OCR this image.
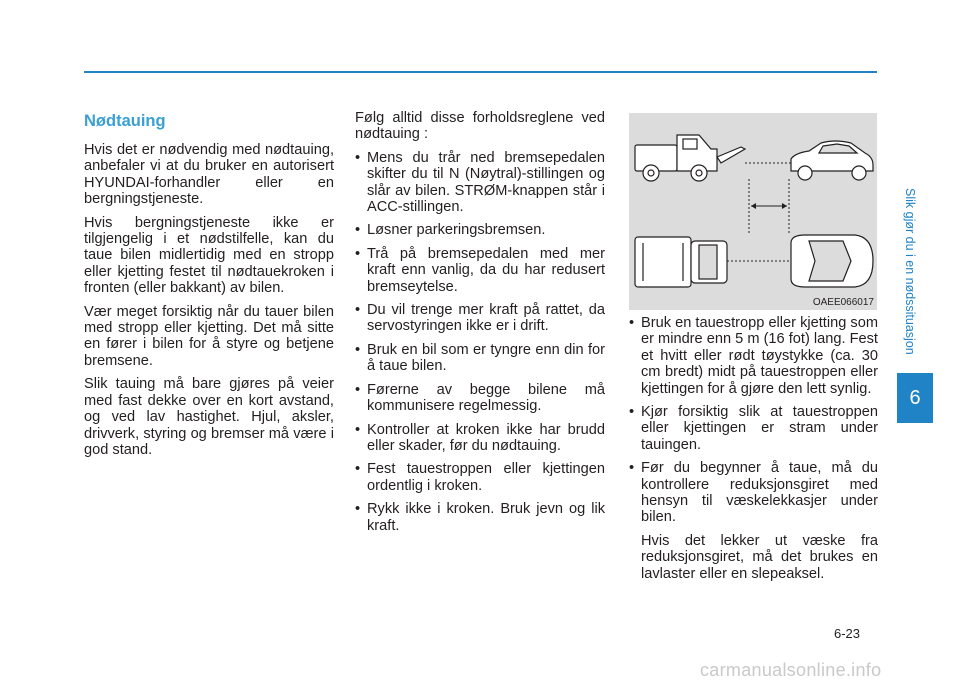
Nødtauing

Hvis det er nødvendig med nødtauing, anbefaler vi at du bruker en autorisert HYUNDAI-forhandler eller en bergningstjeneste.

Hvis bergningstjeneste ikke er tilgjengelig i et nødstilfelle, kan du taue bilen midlertidig med en stropp eller kjetting festet til nødtauekroken i fronten (eller bakkant) av bilen.

Vær meget forsiktig når du tauer bilen med stropp eller kjetting. Det må sitte en fører i bilen for å styre og betjene bremsene.

Slik tauing må bare gjøres på veier med fast dekke over en kort avstand, og ved lav hastighet. Hjul, aksler, drivverk, styring og bremser må være i god stand.

Følg alltid disse forholdsreglene ved nødtauing :

• Mens du trår ned bremsepedalen skifter du til N (Nøytral)-stillingen og slår av bilen. STRØM-knappen står i ACC-stillingen.
• Løsner parkeringsbremsen.
• Trå på bremsepedalen med mer kraft enn vanlig, da du har redusert bremseytelse.
• Du vil trenge mer kraft på rattet, da servostyringen ikke er i drift.
• Bruk en bil som er tyngre enn din for å taue bilen.
• Førerne av begge bilene må kommunisere regelmessig.
• Kontroller at kroken ikke har brudd eller skader, før du nødtauing.
• Fest tauestroppen eller kjettingen ordentlig i kroken.
• Rykk ikke i kroken. Bruk jevn og lik kraft.
OAEE066017
• Bruk en tauestropp eller kjetting som er mindre enn 5 m (16 fot) lang. Fest et hvitt eller rødt tøystykke (ca. 30 cm bredt) midt på tauestroppen eller kjettingen for å gjøre den lett synlig.
• Kjør forsiktig slik at tauestroppen eller kjettingen er stram under tauingen.
• Før du begynner å taue, må du kontrollere reduksjonsgiret med hensyn til væskelekkasjer under bilen.

Hvis det lekker ut væske fra reduksjonsgiret, må det brukes en lavlaster eller en slepeaksel.

Slik gjør du i en nødssituasjon
6
6-23
carmanualsonline.info
